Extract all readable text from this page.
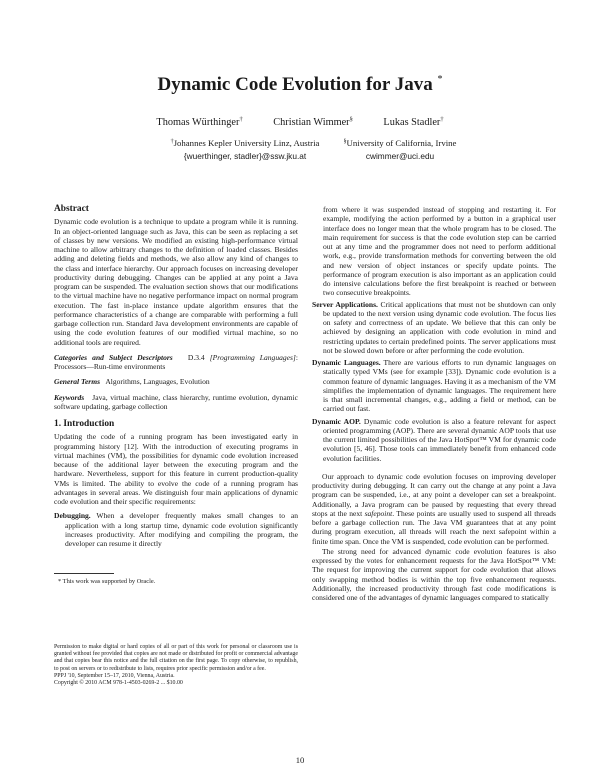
Dynamic Code Evolution for Java *
Thomas Würthinger†	Christian Wimmer§	Lukas Stadler†
†Johannes Kepler University Linz, Austria
{wuerthinger, stadler}@ssw.jku.at
§University of California, Irvine
cwimmer@uci.edu
Abstract

Dynamic code evolution is a technique to update a program while it is running. In an object-oriented language such as Java, this can be seen as replacing a set of classes by new versions. We modified an existing high-performance virtual machine to allow arbitrary changes to the definition of loaded classes. Besides adding and deleting fields and methods, we also allow any kind of changes to the class and interface hierarchy. Our approach focuses on increasing developer productivity during debugging. Changes can be applied at any point a Java program can be suspended. The evaluation section shows that our modifications to the virtual machine have no negative performance impact on normal program execution. The fast in-place instance update algorithm ensures that the performance characteristics of a change are comparable with performing a full garbage collection run. Standard Java development environments are capable of using the code evolution features of our modified virtual machine, so no additional tools are required.

Categories and Subject Descriptors D.3.4 [Programming Languages]: Processors—Run-time environments

General Terms Algorithms, Languages, Evolution

Keywords Java, virtual machine, class hierarchy, runtime evolution, dynamic software updating, garbage collection

1. Introduction

Updating the code of a running program has been investigated early in programming history [12]. With the introduction of executing programs in virtual machines (VM), the possibilities for dynamic code evolution increased because of the additional layer between the executing program and the hardware. Nevertheless, support for this feature in current production-quality VMs is limited. The ability to evolve the code of a running program has advantages in several areas. We distinguish four main applications of dynamic code evolution and their specific requirements:

Debugging. When a developer frequently makes small changes to an application with a long startup time, dynamic code evolution significantly increases productivity. After modifying and compiling the program, the developer can resume it directly

* This work was supported by Oracle.
Permission to make digital or hard copies of all or part of this work for personal or classroom use is granted without fee provided that copies are not made or distributed for profit or commercial advantage and that copies bear this notice and the full citation on the first page. To copy otherwise, to republish, to post on servers or to redistribute to lists, requires prior specific permission and/or a fee.
PPPJ '10, September 15–17, 2010, Vienna, Austria.
Copyright © 2010 ACM 978-1-4503-0269-2 ... $10.00

from where it was suspended instead of stopping and restarting it. For example, modifying the action performed by a button in a graphical user interface does no longer mean that the whole program has to be closed. The main requirement for success is that the code evolution step can be carried out at any time and the programmer does not need to perform additional work, e.g., provide transformation methods for converting between the old and new version of object instances or specify update points. The performance of program execution is also important as an application could do intensive calculations before the first breakpoint is reached or between two consecutive breakpoints.

Server Applications. Critical applications that must not be shutdown can only be updated to the next version using dynamic code evolution. The focus lies on safety and correctness of an update. We believe that this can only be achieved by designing an application with code evolution in mind and restricting updates to certain predefined points. The server applications must not be slowed down before or after performing the code evolution.

Dynamic Languages. There are various efforts to run dynamic languages on statically typed VMs (see for example [33]). Dynamic code evolution is a common feature of dynamic languages. Having it as a mechanism of the VM simplifies the implementation of dynamic languages. The requirement here is that small incremental changes, e.g., adding a field or method, can be carried out fast.

Dynamic AOP. Dynamic code evolution is also a feature relevant for aspect oriented programming (AOP). There are several dynamic AOP tools that use the current limited possibilities of the Java HotSpot™ VM for dynamic code evolution [5, 46]. Those tools can immediately benefit from enhanced code evolution facilities.

Our approach to dynamic code evolution focuses on improving developer productivity during debugging. It can carry out the change at any point a Java program can be suspended, i.e., at any point a developer can set a breakpoint. Additionally, a Java program can be paused by requesting that every thread stops at the next safepoint. These points are usually used to suspend all threads before a garbage collection run. The Java VM guarantees that at any point during program execution, all threads will reach the next safepoint within a finite time span. Once the VM is suspended, code evolution can be performed.

The strong need for advanced dynamic code evolution features is also expressed by the votes for enhancement requests for the Java HotSpot™ VM: The request for improving the current support for code evolution that allows only swapping method bodies is within the top five enhancement requests. Additionally, the increased productivity through fast code modifications is considered one of the advantages of dynamic languages compared to statically

10
